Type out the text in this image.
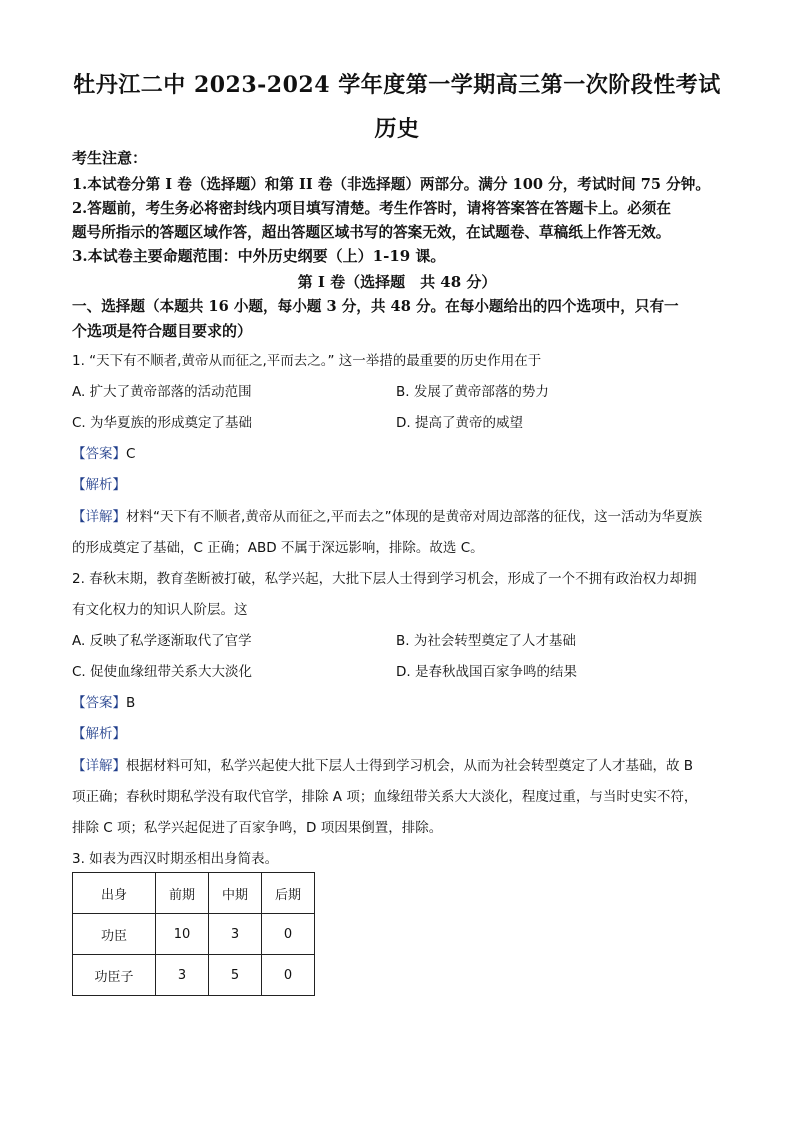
牡丹江二中 2023-2024 学年度第一学期高三第一次阶段性考试
历史
考生注意：
1.本试卷分第 I 卷（选择题）和第 II 卷（非选择题）两部分。满分 100 分，考试时间 75 分钟。
2.答题前，考生务必将密封线内项目填写清楚。考生作答时，请将答案答在答题卡上。必须在
题号所指示的答题区域作答，超出答题区域书写的答案无效，在试题卷、草稿纸上作答无效。
3.本试卷主要命题范围：中外历史纲要（上）1-19 课。
第 I 卷（选择题　共 48 分）
一、选择题（本题共 16 小题，每小题 3 分，共 48 分。在每小题给出的四个选项中，只有一
个选项是符合题目要求的）
1. “天下有不顺者,黄帝从而征之,平而去之。” 这一举措的最重要的历史作用在于
A. 扩大了黄帝部落的活动范围	B. 发展了黄帝部落的势力
C. 为华夏族的形成奠定了基础	D. 提高了黄帝的威望
【答案】C
【解析】
【详解】材料“天下有不顺者,黄帝从而征之,平而去之”体现的是黄帝对周边部落的征伐，这一活动为华夏族
的形成奠定了基础，C 正确；ABD 不属于深远影响，排除。故选 C。
2. 春秋末期，教育垄断被打破，私学兴起，大批下层人士得到学习机会，形成了一个不拥有政治权力却拥
有文化权力的知识人阶层。这
A. 反映了私学逐渐取代了官学	B. 为社会转型奠定了人才基础
C. 促使血缘纽带关系大大淡化	D. 是春秋战国百家争鸣的结果
【答案】B
【解析】
【详解】根据材料可知，私学兴起使大批下层人士得到学习机会，从而为社会转型奠定了人才基础，故 B
项正确；春秋时期私学没有取代官学，排除 A 项；血缘纽带关系大大淡化，程度过重，与当时史实不符，
排除 C 项；私学兴起促进了百家争鸣，D 项因果倒置，排除。
3. 如表为西汉时期丞相出身简表。
出身	前期	中期	后期
功臣	10	3	0
功臣子	3	5	0
